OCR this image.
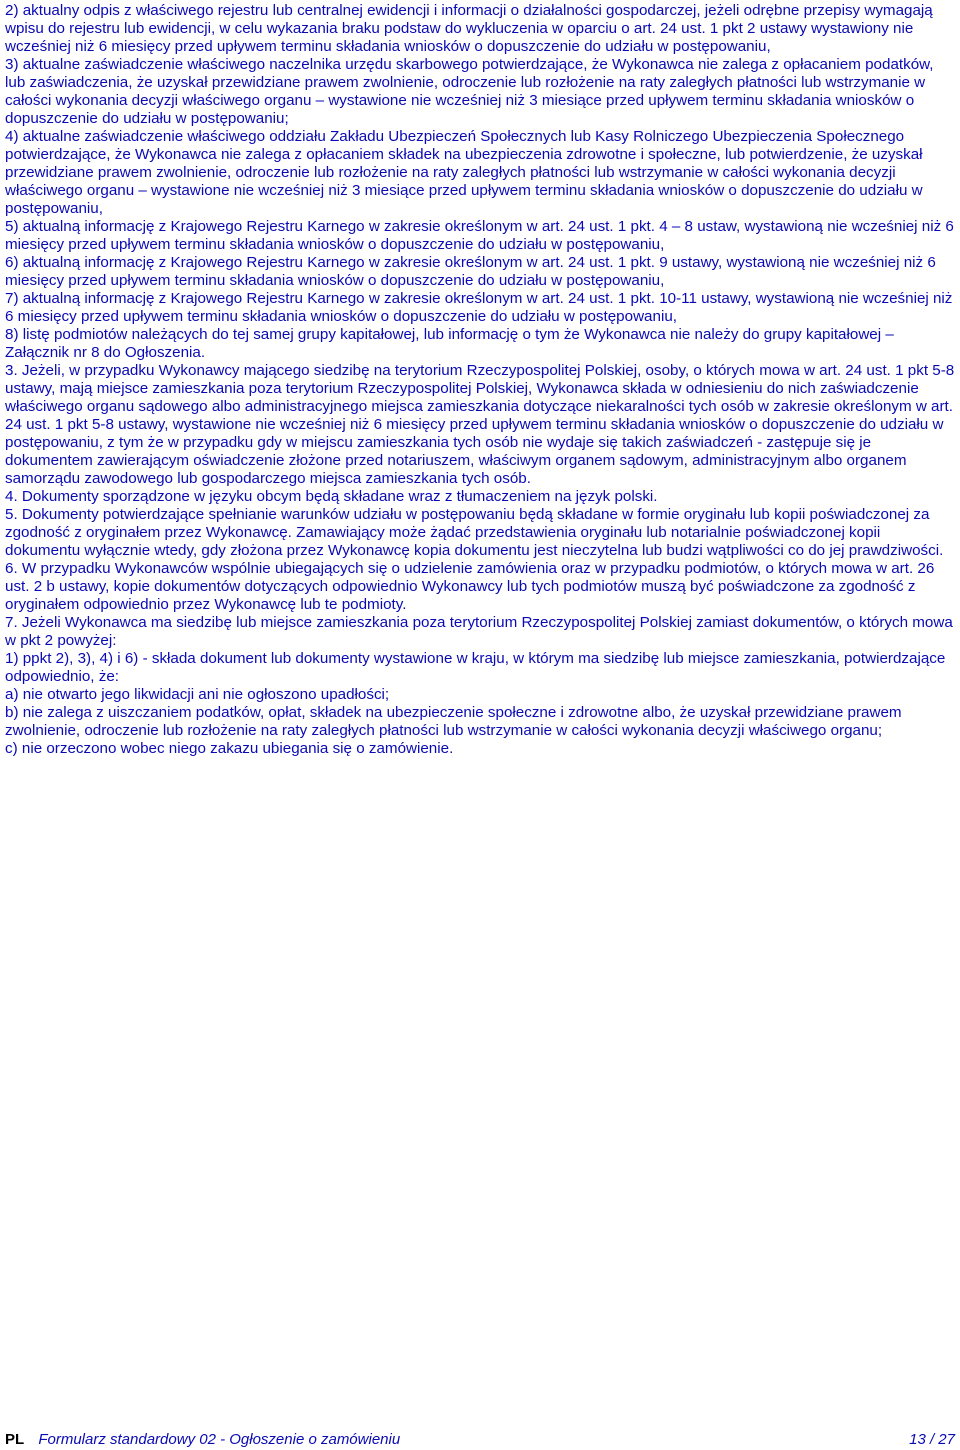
2) aktualny odpis z właściwego rejestru lub centralnej ewidencji i informacji o działalności gospodarczej, jeżeli odrębne przepisy wymagają wpisu do rejestru lub ewidencji, w celu wykazania braku podstaw do wykluczenia w oparciu o art. 24 ust. 1 pkt 2 ustawy wystawiony nie wcześniej niż 6 miesięcy przed upływem terminu składania wniosków o dopuszczenie do udziału w postępowaniu,

3) aktualne zaświadczenie właściwego naczelnika urzędu skarbowego potwierdzające, że Wykonawca nie zalega z opłacaniem podatków, lub zaświadczenia, że uzyskał przewidziane prawem zwolnienie, odroczenie lub rozłożenie na raty zaległych płatności lub wstrzymanie w całości wykonania decyzji właściwego organu – wystawione nie wcześniej niż 3 miesiące przed upływem terminu składania wniosków o dopuszczenie do udziału w postępowaniu;

4) aktualne zaświadczenie właściwego oddziału Zakładu Ubezpieczeń Społecznych lub Kasy Rolniczego Ubezpieczenia Społecznego potwierdzające, że Wykonawca nie zalega z opłacaniem składek na ubezpieczenia zdrowotne i społeczne, lub potwierdzenie, że uzyskał przewidziane prawem zwolnienie, odroczenie lub rozłożenie na raty zaległych płatności lub wstrzymanie w całości wykonania decyzji właściwego organu – wystawione nie wcześniej niż 3 miesiące przed upływem terminu składania wniosków o dopuszczenie do udziału w postępowaniu,

5) aktualną informację z Krajowego Rejestru Karnego w zakresie określonym w art. 24 ust. 1 pkt. 4 – 8 ustaw, wystawioną nie wcześniej niż 6 miesięcy przed upływem terminu składania wniosków o dopuszczenie do udziału w postępowaniu,

6) aktualną informację z Krajowego Rejestru Karnego w zakresie określonym w art. 24 ust. 1 pkt. 9 ustawy, wystawioną nie wcześniej niż 6 miesięcy przed upływem terminu składania wniosków o dopuszczenie do udziału w postępowaniu,

7) aktualną informację z Krajowego Rejestru Karnego w zakresie określonym w art. 24 ust. 1 pkt. 10-11 ustawy, wystawioną nie wcześniej niż 6 miesięcy przed upływem terminu składania wniosków o dopuszczenie do udziału w postępowaniu,

8) listę podmiotów należących do tej samej grupy kapitałowej, lub informację o tym że Wykonawca nie należy do grupy kapitałowej – Załącznik nr 8 do Ogłoszenia.

3. Jeżeli, w przypadku Wykonawcy mającego siedzibę na terytorium Rzeczypospolitej Polskiej, osoby, o których mowa w art. 24 ust. 1 pkt 5-8 ustawy, mają miejsce zamieszkania poza terytorium Rzeczypospolitej Polskiej, Wykonawca składa w odniesieniu do nich zaświadczenie właściwego organu sądowego albo administracyjnego miejsca zamieszkania dotyczące niekaralności tych osób w zakresie określonym w art. 24 ust. 1 pkt 5-8 ustawy, wystawione nie wcześniej niż 6 miesięcy przed upływem terminu składania wniosków o dopuszczenie do udziału w postępowaniu, z tym że w przypadku gdy w miejscu zamieszkania tych osób nie wydaje się takich zaświadczeń - zastępuje się je dokumentem zawierającym oświadczenie złożone przed notariuszem, właściwym organem sądowym, administracyjnym albo organem samorządu zawodowego lub gospodarczego miejsca zamieszkania tych osób.

4. Dokumenty sporządzone w języku obcym będą składane wraz z tłumaczeniem na język polski.

5. Dokumenty potwierdzające spełnianie warunków udziału w postępowaniu będą składane w formie oryginału lub kopii poświadczonej za zgodność z oryginałem przez Wykonawcę. Zamawiający może żądać przedstawienia oryginału lub notarialnie poświadczonej kopii dokumentu wyłącznie wtedy, gdy złożona przez Wykonawcę kopia dokumentu jest nieczytelna lub budzi wątpliwości co do jej prawdziwości.

6. W przypadku Wykonawców wspólnie ubiegających się o udzielenie zamówienia oraz w przypadku podmiotów, o których mowa w art. 26 ust. 2 b ustawy, kopie dokumentów dotyczących odpowiednio Wykonawcy lub tych podmiotów muszą być poświadczone za zgodność z oryginałem odpowiednio przez Wykonawcę lub te podmioty.

7. Jeżeli Wykonawca ma siedzibę lub miejsce zamieszkania poza terytorium Rzeczypospolitej Polskiej zamiast dokumentów, o których mowa w pkt 2 powyżej:

1) ppkt 2), 3), 4) i 6) - składa dokument lub dokumenty wystawione w kraju, w którym ma siedzibę lub miejsce zamieszkania, potwierdzające odpowiednio, że:

a) nie otwarto jego likwidacji ani nie ogłoszono upadłości;

b) nie zalega z uiszczaniem podatków, opłat, składek na ubezpieczenie społeczne i zdrowotne albo, że uzyskał przewidziane prawem zwolnienie, odroczenie lub rozłożenie na raty zaległych płatności lub wstrzymanie w całości wykonania decyzji właściwego organu;

c) nie orzeczono wobec niego zakazu ubiegania się o zamówienie.

PL Formularz standardowy 02 - Ogłoszenie o zamówieniu	13 / 27
